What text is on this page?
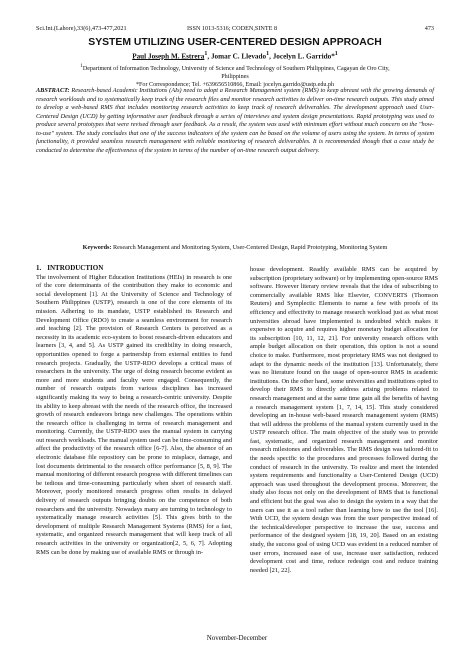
Sci.Int.(Lahore),33(6),473-477,2021	ISSN 1013-5316; CODEN,SINTE 8	473
SYSTEM UTILIZING USER-CENTERED DESIGN APPROACH
Paul Joseph M. Estrera$^1$, Jomar C. Llevado$^1$, Jocelyn L. Garrido*$^1$
$^1$Department of Information Technology, University of Science and Technology of Southern Philippines, Cagayan de Oro City,
Philippines
*For Correspondence; Tel. +639656510866, Email: jocelyn.garrido@ustp.edu.ph
ABSTRACT: Research-based Academic Institutions (AIs) need to adopt a Research Management system (RMS) to keep abreast with the growing demands of research workloads and to systematically keep track of the research files and monitor research activities to deliver on-time research outputs. This study aimed to develop a web-based RMS that includes monitoring research activities to keep track of research deliverables. The development approach used User-Centered Design (UCD) by getting informative user feedback through a series of interviews and system design presentations. Rapid prototyping was used to produce several prototypes that were revised through user feedback. As a result, the system was used with minimum effort without much concern on the "how-to-use" system. The study concludes that one of the success indicators of the system can be based on the volume of users using the system. In terms of system functionality, it provided seamless research management with reliable monitoring of research deliverables. It is recommended though that a case study be conducted to determine the effectiveness of the system in terms of the number of on-time research output delivery.
Keywords: Research Management and Monitoring System, User-Centered Design, Rapid Prototyping, Monitoring System
1. INTRODUCTION

The involvement of Higher Education Institutions (HEIs) in research is one of the core determinants of the contribution they make to economic and social development [1]. At the University of Science and Technology of Southern Philippines (USTP), research is one of the core elements of its mission. Adhering to its mandate, USTP established its Research and Development Office (RDO) to create a seamless environment for research and teaching [2]. The provision of Research Centers is perceived as a necessity in its academic eco-system to boost research-driven educators and learners [3, 4, and 5]. As USTP gained its credibility in doing research, opportunities opened to forge a partnership from external entities to fund research projects. Gradually, the USTP-RDO develops a critical mass of researchers in the university. The urge of doing research become evident as more and more students and faculty were engaged. Consequently, the number of research outputs from various disciplines has increased significantly making its way to being a research-centric university. Despite its ability to keep abreast with the needs of the research office, the increased growth of research endeavors brings new challenges. The operations within the research office is challenging in terms of research management and monitoring. Currently, the USTP-RDO uses the manual system in carrying out research workloads. The manual system used can be time-consuming and affect the productivity of the research office [6-7]. Also, the absence of an electronic database file repository can be prone to misplace, damage, and lost documents detrimental to the research office performance [5, 8, 9]. The manual monitoring of different research progress with different timelines can be tedious and time-consuming particularly when short of research staff. Moreover, poorly monitored research progress often results in delayed delivery of research outputs bringing doubts on the competence of both researchers and the university. Nowadays many are turning to technology to systematically manage research activities [5]. This gives birth to the development of multiple Research Management Systems (RMS) for a fast, systematic, and organized research management that will keep track of all research activities in the university or organization[2, 5, 6, 7]. Adopting RMS can be done by making use of available RMS or through in-

house development. Readily available RMS can be acquired by subscription (proprietary software) or by implementing open-source RMS software. However literary review reveals that the idea of subscribing to commercially available RMS like Elsevier, CONVERTS (Thomson Reuters) and Symplectic Elements to name a few with proofs of its efficiency and effectivity to manage research workload just as what most universities abroad have implemented is undoubted which makes it expensive to acquire and requires higher monetary budget allocation for its subscription [10, 11, 12, 21]. For university research offices with ample budget allocation on their operation, this option is not a sound choice to make. Furthermore, most proprietary RMS was not designed to adapt to the dynamic needs of the institution [13]. Unfortunately, there was no literature found on the usage of open-source RMS in academic institutions. On the other hand, some universities and institutions opted to develop their RMS to directly address arising problems related to research management and at the same time gain all the benefits of having a research management system [1, 7, 14, 15]. This study considered developing an in-house web-based research management system (RMS) that will address the problems of the manual system currently used in the USTP research office. The main objective of the study was to provide fast, systematic, and organized research management and monitor research milestones and deliverables. The RMS design was tailored-fit to the needs specific to the procedures and processes followed during the conduct of research in the university. To realize and meet the intended system requirements and functionality a User-Centered Design (UCD) approach was used throughout the development process. Moreover, the study also focus not only on the development of RMS that is functional and efficient but the goal was also to design the system in a way that the users can use it as a tool rather than learning how to use the tool [16]. With UCD, the system design was from the user perspective instead of the technical/developer perspective to increase the use, success and performance of the designed system [18, 19, 20]. Based on an existing study, the success goal of using UCD was evident in a reduced number of user errors, increased ease of use, increase user satisfaction, reduced development cost and time, reduce redesign cost and reduce training needed [21, 22].

November-December
